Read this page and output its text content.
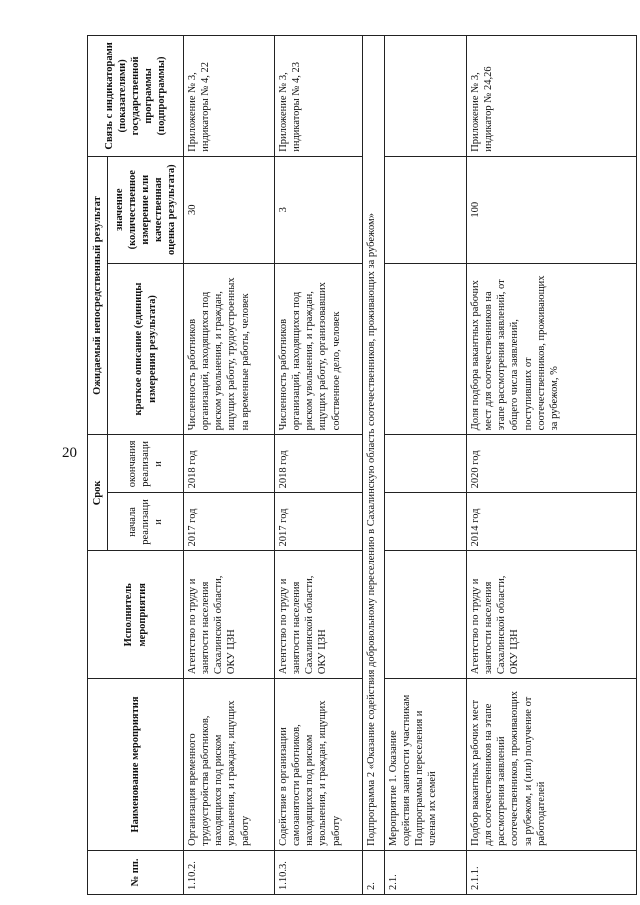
20
№ пп.	Наименование мероприятия	Исполнитель мероприятия	Срок		Ожидаемый непосредственный результат		Связь с индикаторами (показателями) государственной программы (подпрограммы)
			начала реализации	окончания реализации	краткое описание (единицы измерения результата)	значение (количественное измерение или качественная оценка результата)	
1.10.2.	Организация временного трудоустройства работников, находящихся под риском увольнения, и граждан, ищущих работу	Агентство по труду и занятости населения Сахалинской области, ОКУ ЦЗН	2017 год	2018 год	Численность работников организаций, находящихся под риском увольнения, и граждан, ищущих работу, трудоустроенных на временные работы, человек	30	Приложение № 3, индикаторы № 4, 22
1.10.3.	Содействие в организации самозанятости работников, находящихся под риском увольнения, и граждан, ищущих работу	Агентство по труду и занятости населения Сахалинской области, ОКУ ЦЗН	2017 год	2018 год	Численность работников организаций, находящихся под риском увольнения, и граждан, ищущих работу, организовавших собственное дело, человек	3	Приложение № 3, индикаторы № 4, 23
2.	Подпрограмма 2 «Оказание содействия добровольному переселению в Сахалинскую область соотечественников, проживающих за рубежом»						
2.1.	Мероприятие 1. Оказание содействия занятости участникам Подпрограммы переселения и членам их семей						
2.1.1.	Подбор вакантных рабочих мест для соотечественников на этапе рассмотрения заявлений соотечественников, проживающих за рубежом, и (или) получение от работодателей	Агентство по труду и занятости населения Сахалинской области, ОКУ ЦЗН	2014 год	2020 год	Доля подбора вакантных рабочих мест для соотечественников на этапе рассмотрения заявлений, от общего числа заявлений, поступивших от соотечественников, проживающих за рубежом, %	100	Приложение № 3, индикатор № 24,26
